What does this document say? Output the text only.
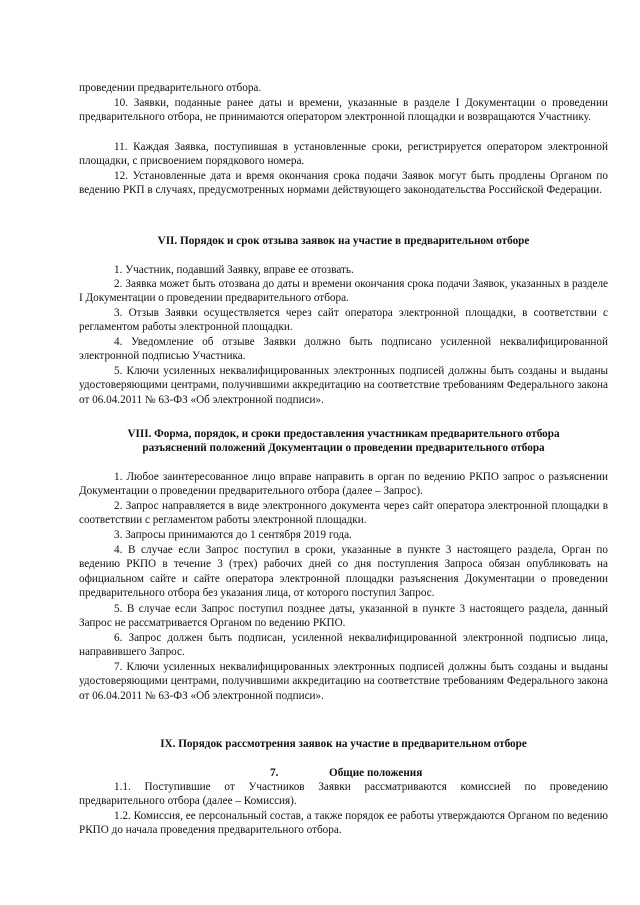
проведении предварительного отбора.

10. Заявки, поданные ранее даты и времени, указанные в разделе I Документации о проведении предварительного отбора, не принимаются оператором электронной площадки и возвращаются Участнику.

11. Каждая Заявка, поступившая в установленные сроки, регистрируется оператором электронной площадки, с присвоением порядкового номера.

12. Установленные дата и время окончания срока подачи Заявок могут быть продлены Органом по ведению РКП в случаях, предусмотренных нормами действующего законодательства Российской Федерации.

VII. Порядок и срок отзыва заявок на участие в предварительном отборе

1. Участник, подавший Заявку, вправе ее отозвать.

2. Заявка может быть отозвана до даты и времени окончания срока подачи Заявок, указанных в разделе I Документации о проведении предварительного отбора.

3. Отзыв Заявки осуществляется через сайт оператора электронной площадки, в соответствии с регламентом работы электронной площадки.

4. Уведомление об отзыве Заявки должно быть подписано усиленной неквалифицированной электронной подписью Участника.

5. Ключи усиленных неквалифицированных электронных подписей должны быть созданы и выданы удостоверяющими центрами, получившими аккредитацию на соответствие требованиям Федерального закона от 06.04.2011 № 63-ФЗ «Об электронной подписи».

VIII. Форма, порядок, и сроки предоставления участникам предварительного отбора
разъяснений положений Документации о проведении предварительного отбора

1. Любое заинтересованное лицо вправе направить в орган по ведению РКПО запрос о разъяснении Документации о проведении предварительного отбора (далее – Запрос).

2. Запрос направляется в виде электронного документа через сайт оператора электронной площадки в соответствии с регламентом работы электронной площадки.

3. Запросы принимаются до 1 сентября 2019 года.

4. В случае если Запрос поступил в сроки, указанные в пункте 3 настоящего раздела, Орган по ведению РКПО в течение 3 (трех) рабочих дней со дня поступления Запроса обязан опубликовать на официальном сайте и сайте оператора электронной площадки разъяснения Документации о проведении предварительного отбора без указания лица, от которого поступил Запрос.

5. В случае если Запрос поступил позднее даты, указанной в пункте 3 настоящего раздела, данный Запрос не рассматривается Органом по ведению РКПО.

6. Запрос должен быть подписан, усиленной неквалифицированной электронной подписью лица, направившего Запрос.

7. Ключи усиленных неквалифицированных электронных подписей должны быть созданы и выданы удостоверяющими центрами, получившими аккредитацию на соответствие требованиям Федерального закона от 06.04.2011 № 63-ФЗ «Об электронной подписи».

IX. Порядок рассмотрения заявок на участие в предварительном отборе
7.	Общие положения

1.1. Поступившие от Участников Заявки рассматриваются комиссией по проведению предварительного отбора (далее – Комиссия).

1.2. Комиссия, ее персональный состав, а также порядок ее работы утверждаются Органом по ведению РКПО до начала проведения предварительного отбора.
